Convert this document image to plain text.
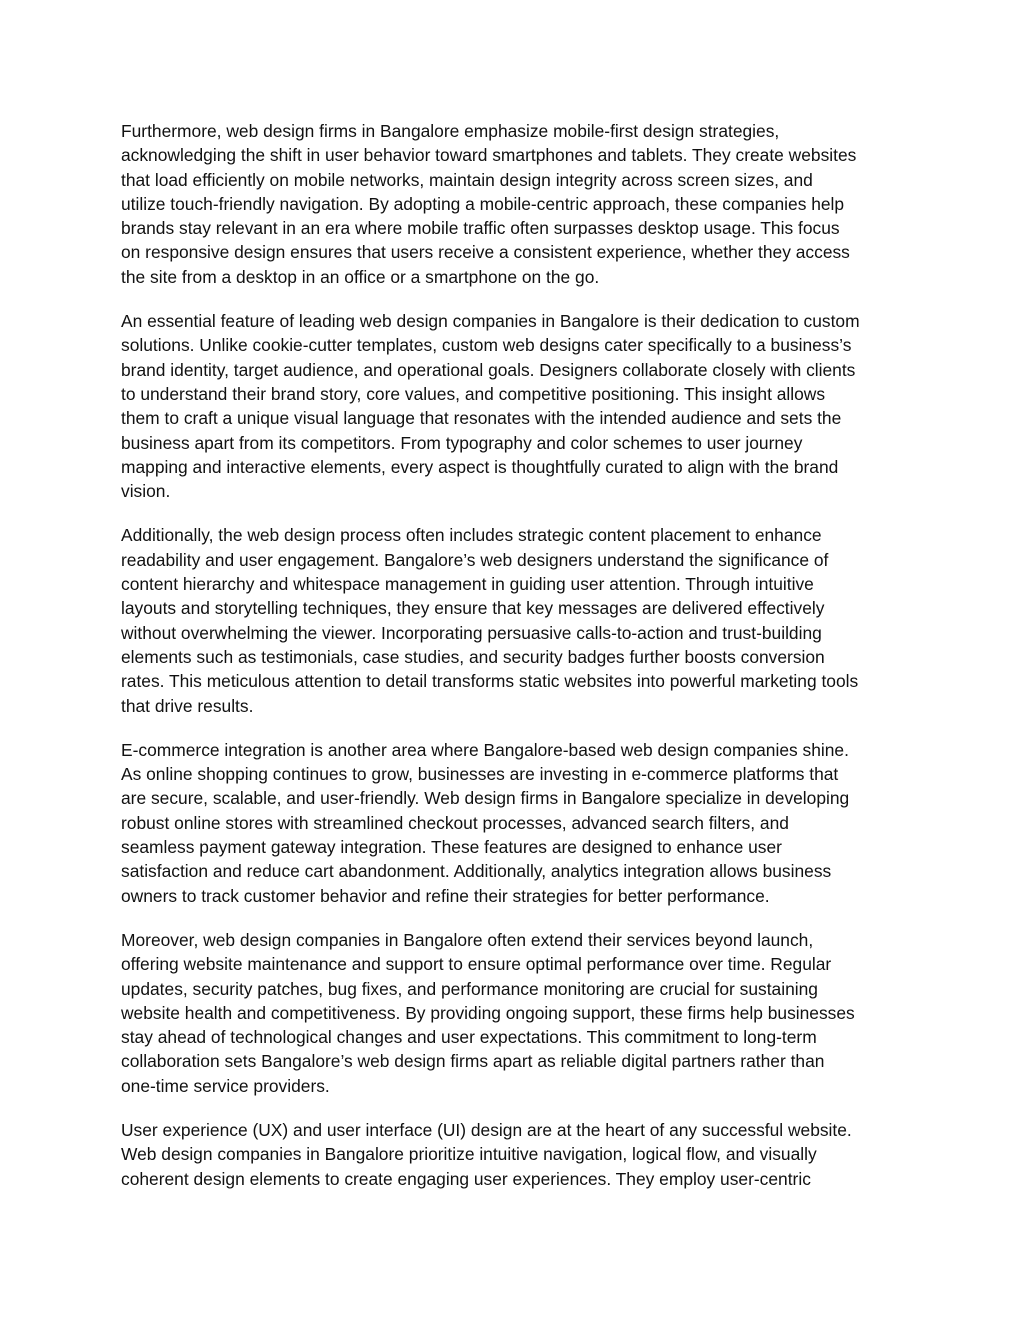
Furthermore, web design firms in Bangalore emphasize mobile-first design strategies,
acknowledging the shift in user behavior toward smartphones and tablets. They create websites
that load efficiently on mobile networks, maintain design integrity across screen sizes, and
utilize touch-friendly navigation. By adopting a mobile-centric approach, these companies help
brands stay relevant in an era where mobile traffic often surpasses desktop usage. This focus
on responsive design ensures that users receive a consistent experience, whether they access
the site from a desktop in an office or a smartphone on the go.

An essential feature of leading web design companies in Bangalore is their dedication to custom
solutions. Unlike cookie-cutter templates, custom web designs cater specifically to a business’s
brand identity, target audience, and operational goals. Designers collaborate closely with clients
to understand their brand story, core values, and competitive positioning. This insight allows
them to craft a unique visual language that resonates with the intended audience and sets the
business apart from its competitors. From typography and color schemes to user journey
mapping and interactive elements, every aspect is thoughtfully curated to align with the brand
vision.

Additionally, the web design process often includes strategic content placement to enhance
readability and user engagement. Bangalore’s web designers understand the significance of
content hierarchy and whitespace management in guiding user attention. Through intuitive
layouts and storytelling techniques, they ensure that key messages are delivered effectively
without overwhelming the viewer. Incorporating persuasive calls-to-action and trust-building
elements such as testimonials, case studies, and security badges further boosts conversion
rates. This meticulous attention to detail transforms static websites into powerful marketing tools
that drive results.

E-commerce integration is another area where Bangalore-based web design companies shine.
As online shopping continues to grow, businesses are investing in e-commerce platforms that
are secure, scalable, and user-friendly. Web design firms in Bangalore specialize in developing
robust online stores with streamlined checkout processes, advanced search filters, and
seamless payment gateway integration. These features are designed to enhance user
satisfaction and reduce cart abandonment. Additionally, analytics integration allows business
owners to track customer behavior and refine their strategies for better performance.

Moreover, web design companies in Bangalore often extend their services beyond launch,
offering website maintenance and support to ensure optimal performance over time. Regular
updates, security patches, bug fixes, and performance monitoring are crucial for sustaining
website health and competitiveness. By providing ongoing support, these firms help businesses
stay ahead of technological changes and user expectations. This commitment to long-term
collaboration sets Bangalore’s web design firms apart as reliable digital partners rather than
one-time service providers.

User experience (UX) and user interface (UI) design are at the heart of any successful website.
Web design companies in Bangalore prioritize intuitive navigation, logical flow, and visually
coherent design elements to create engaging user experiences. They employ user-centric
